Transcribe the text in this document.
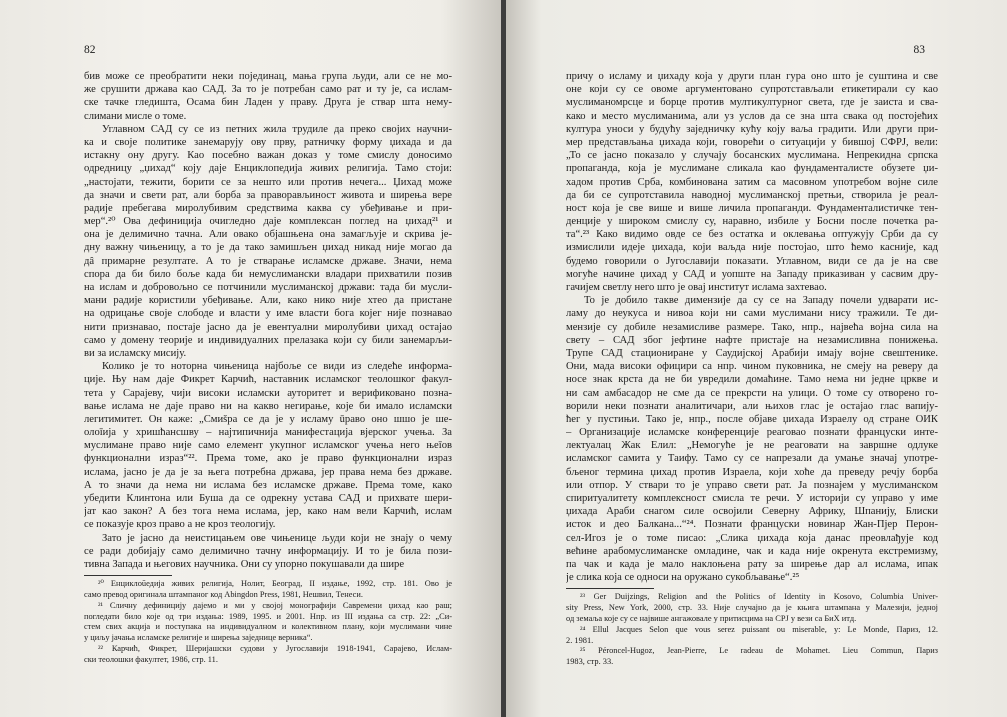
82
бив може се преобратити неки појединац, мања група људи, али се не мо-
же срушити држава као САД. За то је потребан само рат и ту је, са ислам-
ске тачке гледишта, Осама бин Ладен у праву. Друга је ствар шта нему-
слимани мисле о томе.
Углавном САД су се из петних жила трудиле да преко својих научни-
ка и своје политике занемарују ову прву, ратничку форму џихада и да
истакну ону другу. Као посебно важан доказ у томе смислу доносимо
одредницу „џихад“ коју даје Енциклопедија живих религија. Тамо стоји:
„настојати, тежити, борити се за нешто или против нечега... Џихад може
да значи и свети рат, али борба за праворављиност живота и ширења вере
радије пребегава миролубивим средствима каква су убеђивање и при-
мер“.²⁰ Ова дефиниција очигледно даје комплексан поглед на џихад²¹ и
она је делимично тачна. Али овако објашњена она замагљује и скрива је-
дну важну чињеницу, а то је да тако замишљен џихад никад није могао да
дâ примарне резултате. А то је стварање исламске државе. Значи, нема
спора да би било боље када би немуслимански владари прихватили позив
на ислам и добровољно се потчинили муслиманској држави: тада би мусли-
мани радије користили убеђивање. Али, како нико није хтео да пристане
на одрицање своје слободе и власти у име власти бога којег није познавао
нити признавао, постаје јасно да је евентуални миролубиви џихад остајао
само у домену теорије и индивидуалних прелазака који су били занемарљи-
ви за исламску мисију.
Колико је то ноторна чињеница најбоље се види из следеће информа-
ције. Њу нам даје Фикрет Карчић, наставник исламског теолошког факул-
тета у Сарајеву, чији високи исламски ауторитет и верификовано позна-
вање ислама не даје право ни на какво негирање, које би имало исламски
легитимитет. Он каже: „Смиšра се да је у исламу ūраво оно шшо је ше-
олоīија у хришћансшву – најтипичнија манифестација вјерског учења. За
муслимане право није само елемент укупног исламског учења него њеīов
функционални израз“²². Према томе, ако је право функционални израз
ислама, јасно је да је за њега потребна држава, јер права нема без државе.
А то значи да нема ни ислама без исламске државе. Према томе, како
убедити Клинтона или Буша да се одрекну устава САД и прихвате шери-
јат као закон? А без тога нема ислама, јер, како нам вели Карчић, ислам
се показује кроз право а не кроз теологију.
Зато је јасно да неистицањем ове чињенице људи који не знају о чему
се ради добијају само делимично тачну информацију. И то је била пози-
тивна Запада и његових научника. Они су упорно покушавали да шире
²⁰ Енциклоūедија живих религија, Нолит, Београд, II издање, 1992, стр. 181. Ово је
само превод оригинала штампаног код Abingdon Press, 1981, Нешвил, Тенеси.
²¹ Сличну дефиницију дајемо и ми у својој монографији Савремени џихад као раш;
погледати било које од три издања: 1989, 1995. и 2001. Нпр. из III издања са стр. 22: „Си-
стем свих акција и поступака на индивидуалном и колективном плану, који муслимани чине
у циљу јачања исламске религије и ширења заједнице верника“.
²² Карчић, Фикрет, Шеријашски судови у Југославији 1918-1941, Сарајево, Ислам-
ски теолошки факултет, 1986, стр. 11.
83
причу о исламу и џихаду која у други план гура оно што је суштина и све
оне који су се овоме аргументовано супротстављали етикетирали су као
муслиманомрсце и борце против мултикултурног света, где је заиста и сва-
како и место муслиманима, али уз услов да се зна шта свака од постојећих
култура уноси у будућу заједничку кућу коју ваља градити. Или други при-
мер представљања џихада који, говорећи о ситуацији у бившој СФРЈ, вели:
„То се јасно показало у случају босанских муслимана. Непрекидна српска
пропаганда, која је муслимане сликала као фундаменталисте обузете џи-
хадом против Срба, комбинована затим са масовном употребом војне силе
да би се супротставила наводној муслиманској претњи, створила је реал-
ност која је све више и више личила пропаганди. Фундаменталистичке тен-
денције у широком смислу су, наравно, избиле у Босни после почетка ра-
та“.²³ Како видимо овде се без остатка и оклевања оптужују Срби да су
измислили идеје џихада, који ваљда није постојао, што ћемо касније, кад
будемо говорили о Југославији показати. Углавном, види се да је на све
могуће начине џихад у САД и уопште на Западу приказиван у сасвим дру-
гачијем светлу него што је овај институт ислама захтевао.
То је добило такве димензије да су се на Западу почели удварати ис-
ламу до неукуса и нивоа који ни сами муслимани нису тражили. Те ди-
мензије су добиле незамисливе размере. Тако, нпр., највећа војна сила на
свету – САД због јефтине нафте пристаје на незамисливна понижења.
Трупе САД стациониране у Саудијској Арабији имају војне свештенике.
Они, мада високи официри са нпр. чином пуковника, не смеју на реверу да
носе знак крста да не би увредили домаћине. Тамо нема ни једне цркве и
ни сам амбасадор не сме да се прекрсти на улици. О томе су отворено го-
ворили неки познати аналитичари, али њихов глас је остајао глас вапију-
ћег у пустињи. Тако је, нпр., после објаве џихада Израелу од стране ОИК
– Организације исламске конференције реаговао познати француски инте-
лектуалац Жак Елил: „Немогуће је не реаговати на завршне одлуке
исламског самита у Таифу. Тамо су се напрезали да умање значај употре-
бљеног термина џихад против Израела, који хоће да преведу речју борба
или отпор. У ствари то је управо свети рат. Ја познајем у муслиманском
спиритуалитету комплексност смисла те речи. У историји су управо у име
џихада Араби снагом силе освојили Северну Африку, Шпанију, Блиски
исток и део Балкана...“²⁴. Познати француски новинар Жан-Пјер Перон-
сел-Игоз је о томе писао: „Слика џихада која данас преовлађује код
већине арабомуслиманске омладине, чак и када није окренута екстремизму,
па чак и када је мало наклоњена рату за ширење дар ал ислама, ипак
је слика која се односи на оружано сукобљавање“.²⁵
²³ Ger Duijzings, Religion and the Politics of Identity in Kosovo, Columbia Univer-
sity Press, New York, 2000, стр. 33. Није случајно да је књига штампана у Малезији, једној
од земаља које су се највише ангажовале у притисцима на СРЈ у вези са БиХ итд.
²⁴ Ellul Jacques Selon que vous serez puissant ou miserable, у: Le Monde, Париз, 12.
2. 1981.
²⁵ Péroncel-Hugoz, Jean-Pierre, Le radeau de Mohamet. Lieu Commun, Париз
1983, стр. 33.
